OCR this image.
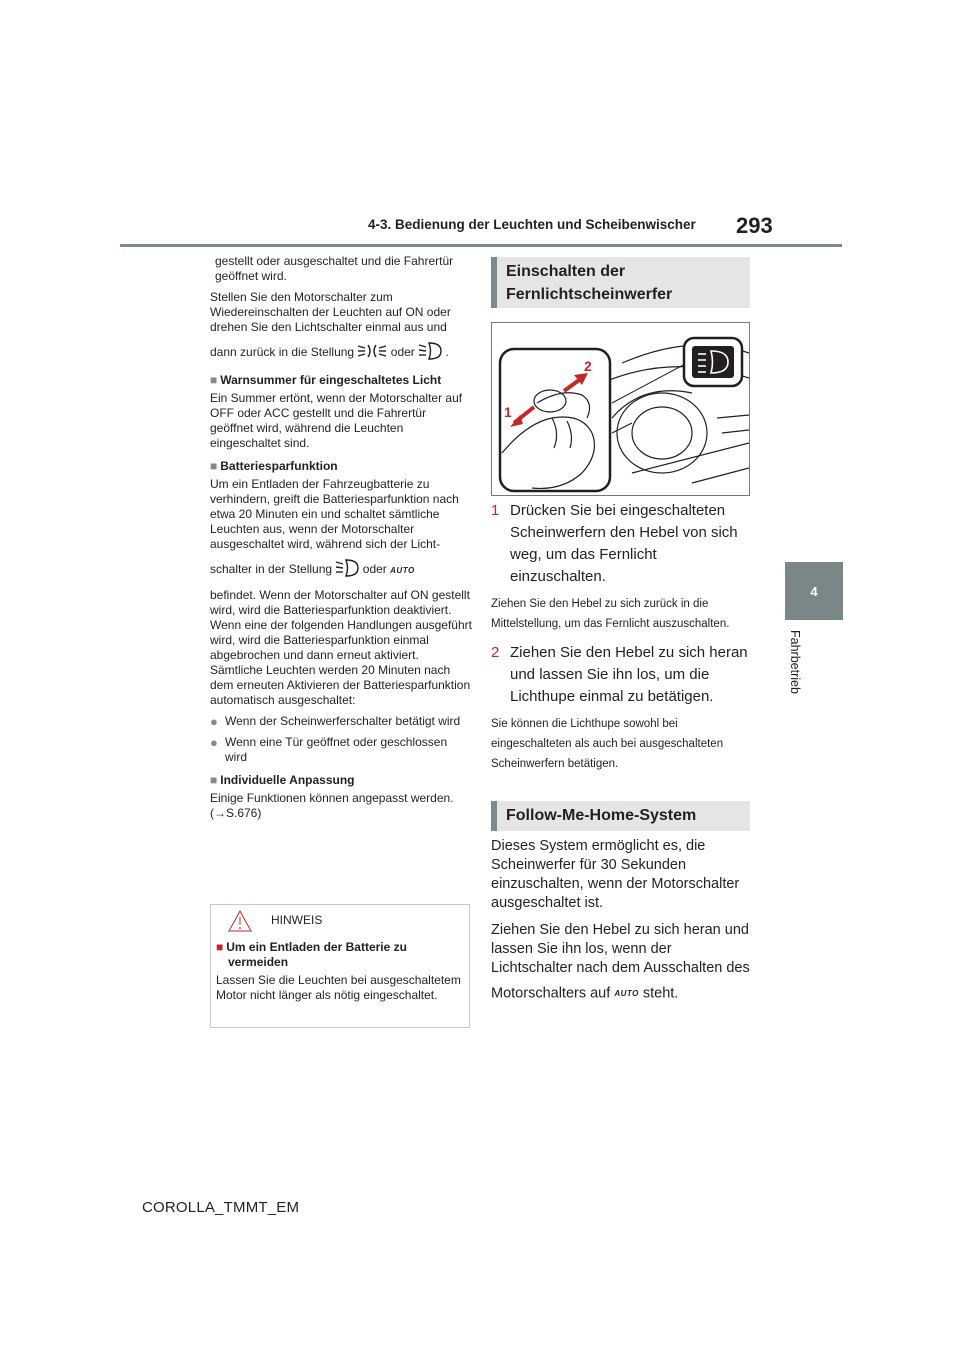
4-3. Bedienung der Leuchten und Scheibenwischer 293
4
Fahrbetrieb

gestellt oder ausgeschaltet und die Fahrertür geöffnet wird.

Stellen Sie den Motorschalter zum Wiedereinschalten der Leuchten auf ON oder drehen Sie den Lichtschalter einmal aus und

dann zurück in die Stellung	oder	.

■ Warnsummer für eingeschaltetes Licht

Ein Summer ertönt, wenn der Motorschalter auf OFF oder ACC gestellt und die Fahrertür geöffnet wird, während die Leuchten eingeschaltet sind.

■ Batteriesparfunktion

Um ein Entladen der Fahrzeugbatterie zu verhindern, greift die Batteriesparfunktion nach etwa 20 Minuten ein und schaltet sämtliche Leuchten aus, wenn der Motorschalter ausgeschaltet wird, während sich der Licht-

schalter in der Stellung	oder AUTO

befindet. Wenn der Motorschalter auf ON gestellt wird, wird die Batteriesparfunktion deaktiviert.

Wenn eine der folgenden Handlungen ausgeführt wird, wird die Batteriesparfunktion einmal abgebrochen und dann erneut aktiviert. Sämtliche Leuchten werden 20 Minuten nach dem erneuten Aktivieren der Batteriesparfunktion automatisch ausgeschaltet:

● Wenn der Scheinwerferschalter betätigt wird
● Wenn eine Tür geöffnet oder geschlossen wird
■ Individuelle Anpassung

Einige Funktionen können angepasst werden. (→S.676)

HINWEIS
■ Um ein Entladen der Batterie zu vermeiden
Lassen Sie die Leuchten bei ausgeschaltetem Motor nicht länger als nötig eingeschaltet.
Einschalten der Fernlichtscheinwerfer
1
2
1 Drücken Sie bei eingeschalteten Scheinwerfern den Hebel von sich weg, um das Fernlicht einzuschalten.
Ziehen Sie den Hebel zu sich zurück in die Mittelstellung, um das Fernlicht auszuschalten.
2 Ziehen Sie den Hebel zu sich heran und lassen Sie ihn los, um die Lichthupe einmal zu betätigen.
Sie können die Lichthupe sowohl bei eingeschalteten als auch bei ausgeschalteten Scheinwerfern betätigen.
Follow-Me-Home-System
Dieses System ermöglicht es, die Scheinwerfer für 30 Sekunden einzuschalten, wenn der Motorschalter ausgeschaltet ist.
Ziehen Sie den Hebel zu sich heran und lassen Sie ihn los, wenn der Lichtschalter nach dem Ausschalten des
Motorschalters auf AUTO steht.
COROLLA_TMMT_EM
